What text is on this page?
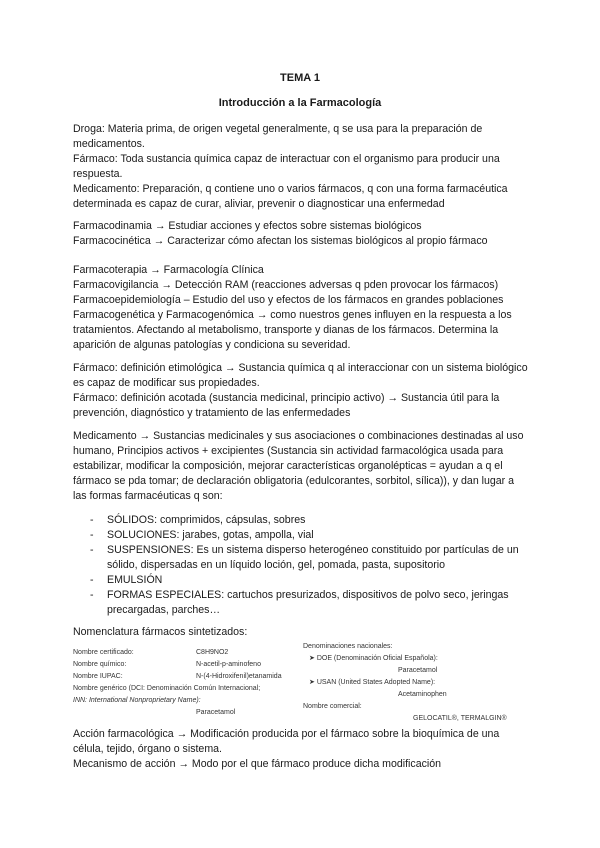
TEMA 1
Introducción a la Farmacología

Droga: Materia prima, de origen vegetal generalmente, q se usa para la preparación de medicamentos.

Fármaco: Toda sustancia química capaz de interactuar con el organismo para producir una respuesta.

Medicamento: Preparación, q contiene uno o varios fármacos, q con una forma farmacéutica determinada es capaz de curar, aliviar, prevenir o diagnosticar una enfermedad

Farmacodinamia → Estudiar acciones y efectos sobre sistemas biológicos

Farmacocinética → Caracterizar cómo afectan los sistemas biológicos al propio fármaco

Farmacoterapia → Farmacología Clínica

Farmacovigilancia → Detección RAM (reacciones adversas q pden provocar los fármacos)

Farmacoepidemiología – Estudio del uso y efectos de los fármacos en grandes poblaciones

Farmacogenética y Farmacogenómica → como nuestros genes influyen en la respuesta a los tratamientos. Afectando al metabolismo, transporte y dianas de los fármacos. Determina la aparición de algunas patologías y condiciona su severidad.

Fármaco: definición etimológica → Sustancia química q al interaccionar con un sistema biológico es capaz de modificar sus propiedades.

Fármaco: definición acotada (sustancia medicinal, principio activo) → Sustancia útil para la prevención, diagnóstico y tratamiento de las enfermedades

Medicamento → Sustancias medicinales y sus asociaciones o combinaciones destinadas al uso humano, Principios activos + excipientes (Sustancia sin actividad farmacológica usada para estabilizar, modificar la composición, mejorar características organolépticas = ayudan a q el fármaco se pda tomar; de declaración obligatoria (edulcorantes, sorbitol, sílica)), y dan lugar a las formas farmacéuticas q son:

- SÓLIDOS: comprimidos, cápsulas, sobres
- SOLUCIONES: jarabes, gotas, ampolla, vial
- SUSPENSIONES: Es un sistema disperso heterogéneo constituido por partículas de un sólido, dispersadas en un líquido loción, gel, pomada, pasta, supositorio
- EMULSIÓN
- FORMAS ESPECIALES: cartuchos presurizados, dispositivos de polvo seco, jeringas precargadas, parches…
Nomenclatura fármacos sintetizados:
Nombre certificado:
Nombre químico:
Nombre IUPAC:
Nombre genérico (DCI: Denominación Común Internacional;
INN: International Nonproprietary Name):
C8H9NO2
N-acetil-p-aminofeno
N-(4-Hidroxifenil)etanamida
Paracetamol
Denominaciones nacionales:
➤ DOE (Denominación Oficial Española):
Paracetamol
➤ USAN (United States Adopted Name):
Acetaminophen
Nombre comercial:
GELOCATIL®, TERMALGIN®

Acción farmacológica → Modificación producida por el fármaco sobre la bioquímica de una célula, tejido, órgano o sistema.

Mecanismo de acción → Modo por el que fármaco produce dicha modificación
